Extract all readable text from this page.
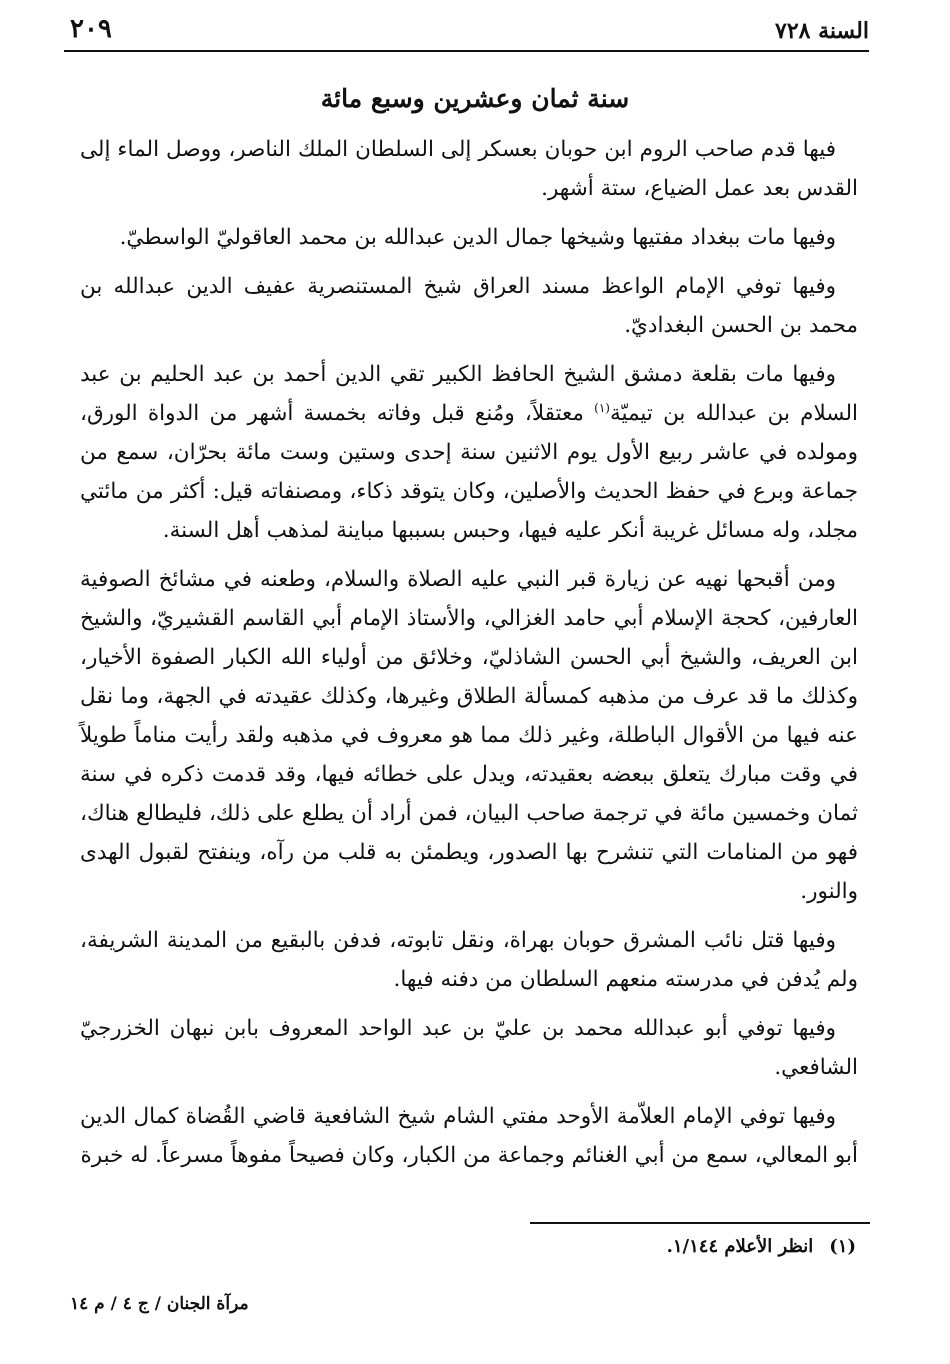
السنة ٧٢٨
٢٠٩
سنة ثمان وعشرين وسبع مائة

فيها قدم صاحب الروم ابن حوبان بعسكر إلى السلطان الملك الناصر، ووصل الماء إلى القدس بعد عمل الضياع، ستة أشهر.

وفيها مات ببغداد مفتيها وشيخها جمال الدين عبدالله بن محمد العاقوليّ الواسطيّ.

وفيها توفي الإمام الواعظ مسند العراق شيخ المستنصرية عفيف الدين عبدالله بن محمد بن الحسن البغداديّ.

وفيها مات بقلعة دمشق الشيخ الحافظ الكبير تقي الدين أحمد بن عبد الحليم بن عبد السلام بن عبدالله بن تيميّة$^{(١)}$ معتقلاً، ومُنع قبل وفاته بخمسة أشهر من الدواة الورق، ومولده في عاشر ربيع الأول يوم الاثنين سنة إحدى وستين وست مائة بحرّان، سمع من جماعة وبرع في حفظ الحديث والأصلين، وكان يتوقد ذكاء، ومصنفاته قيل: أكثر من مائتي مجلد، وله مسائل غريبة أنكر عليه فيها، وحبس بسببها مباينة لمذهب أهل السنة.

ومن أقبحها نهيه عن زيارة قبر النبي عليه الصلاة والسلام، وطعنه في مشائخ الصوفية العارفين، كحجة الإسلام أبي حامد الغزالي، والأستاذ الإمام أبي القاسم القشيريّ، والشيخ ابن العريف، والشيخ أبي الحسن الشاذليّ، وخلائق من أولياء الله الكبار الصفوة الأخيار، وكذلك ما قد عرف من مذهبه كمسألة الطلاق وغيرها، وكذلك عقيدته في الجهة، وما نقل عنه فيها من الأقوال الباطلة، وغير ذلك مما هو معروف في مذهبه ولقد رأيت مناماً طويلاً في وقت مبارك يتعلق ببعضه بعقيدته، ويدل على خطائه فيها، وقد قدمت ذكره في سنة ثمان وخمسين مائة في ترجمة صاحب البيان، فمن أراد أن يطلع على ذلك، فليطالع هناك، فهو من المنامات التي تنشرح بها الصدور، ويطمئن به قلب من رآه، وينفتح لقبول الهدى والنور.

وفيها قتل نائب المشرق حوبان بهراة، ونقل تابوته، فدفن بالبقيع من المدينة الشريفة، ولم يُدفن في مدرسته منعهم السلطان من دفنه فيها.

وفيها توفي أبو عبدالله محمد بن عليّ بن عبد الواحد المعروف بابن نبهان الخزرجيّ الشافعي.

وفيها توفي الإمام العلاّمة الأوحد مفتي الشام شيخ الشافعية قاضي القُضاة كمال الدين أبو المعالي، سمع من أبي الغنائم وجماعة من الكبار، وكان فصيحاً مفوهاً مسرعاً. له خبرة

(١)انظر الأعلام ١/١٤٤.
مرآة الجنان / ج ٤ / م ١٤
